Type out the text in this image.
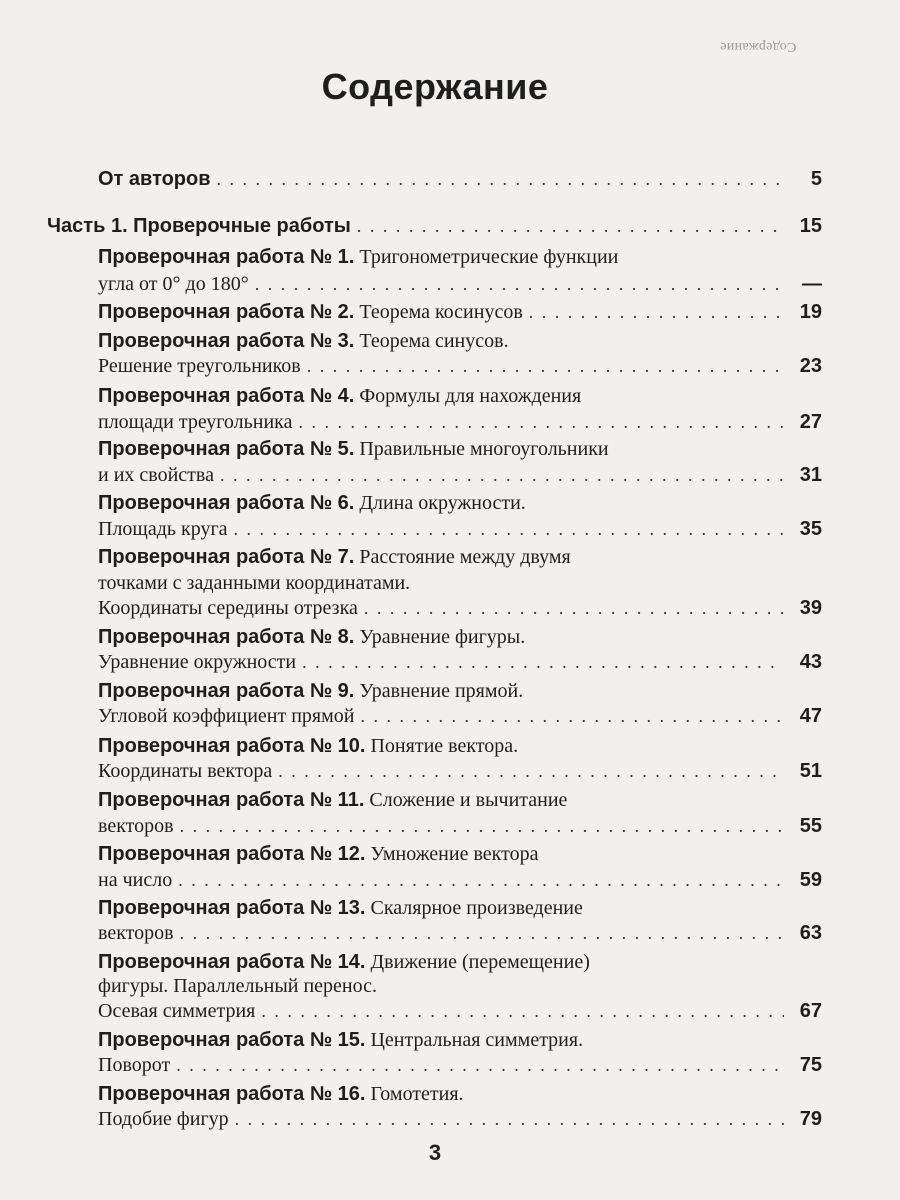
Содержание
Содержание
От авторов . . .	5
Часть 1. Проверочные работы . . .	15
Проверочная работа № 1. Тригонометрические функции
угла от 0° до 180° . . .	—
Проверочная работа № 2. Теорема косинусов . . .	19
Проверочная работа № 3. Теорема синусов.
Решение треугольников . . .	23
Проверочная работа № 4. Формулы для нахождения
площади треугольника . . .	27
Проверочная работа № 5. Правильные многоугольники
и их свойства . . .	31
Проверочная работа № 6. Длина окружности.
Площадь круга . . .	35
Проверочная работа № 7. Расстояние между двумя
точками с заданными координатами.
Координаты середины отрезка . . .	39
Проверочная работа № 8. Уравнение фигуры.
Уравнение окружности . . .	43
Проверочная работа № 9. Уравнение прямой.
Угловой коэффициент прямой . . .	47
Проверочная работа № 10. Понятие вектора.
Координаты вектора . . .	51
Проверочная работа № 11. Сложение и вычитание
векторов . . .	55
Проверочная работа № 12. Умножение вектора
на число . . .	59
Проверочная работа № 13. Скалярное произведение
векторов . . .	63
Проверочная работа № 14. Движение (перемещение)
фигуры. Параллельный перенос.
Осевая симметрия . . .	67
Проверочная работа № 15. Центральная симметрия.
Поворот . . .	75
Проверочная работа № 16. Гомотетия.
Подобие фигур . . .	79
3
